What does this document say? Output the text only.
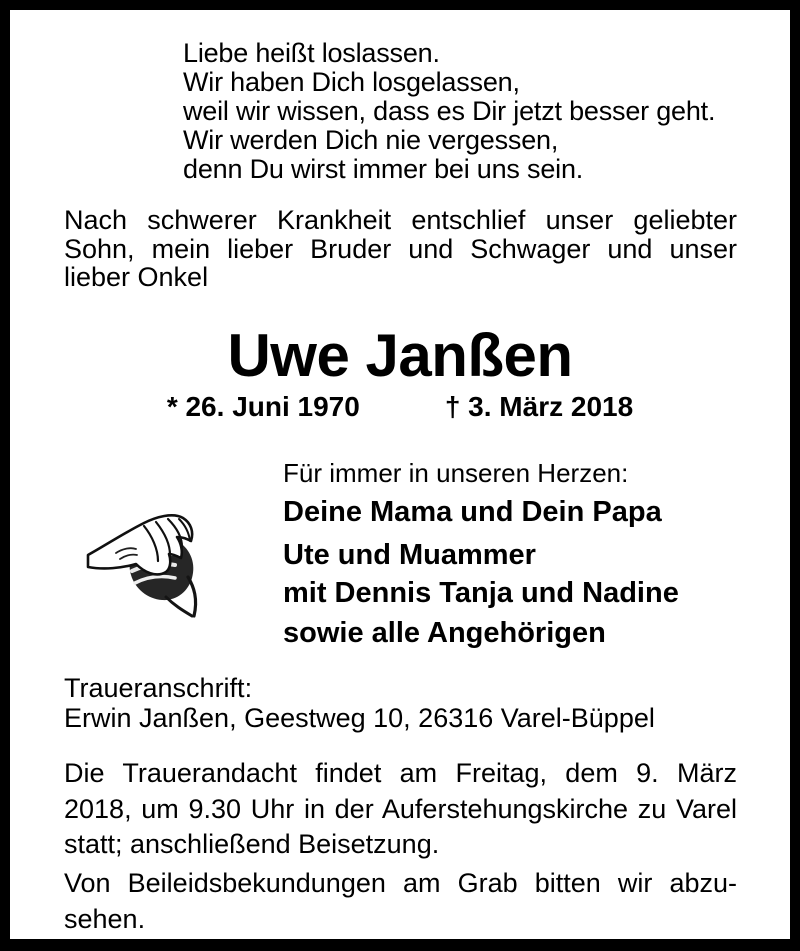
Liebe heißt loslassen.
Wir haben Dich losgelassen,
weil wir wissen, dass es Dir jetzt besser geht.
Wir werden Dich nie vergessen,
denn Du wirst immer bei uns sein.
Nach schwerer Krankheit entschlief unser geliebter
Sohn, mein lieber Bruder und Schwager und unser
lieber Onkel
Uwe Janßen
* 26. Juni 1970	† 3. März 2018
Für immer in unseren Herzen:
Deine Mama und Dein Papa
Ute und Muammer
mit Dennis Tanja und Nadine
sowie alle Angehörigen
Traueranschrift:
Erwin Janßen, Geestweg 10, 26316 Varel-Büppel
Die Trauerandacht findet am Freitag, dem 9. März
2018, um 9.30 Uhr in der Auferstehungskirche zu Varel
statt; anschließend Beisetzung.
Von Beileidsbekundungen am Grab bitten wir abzu-
sehen.
